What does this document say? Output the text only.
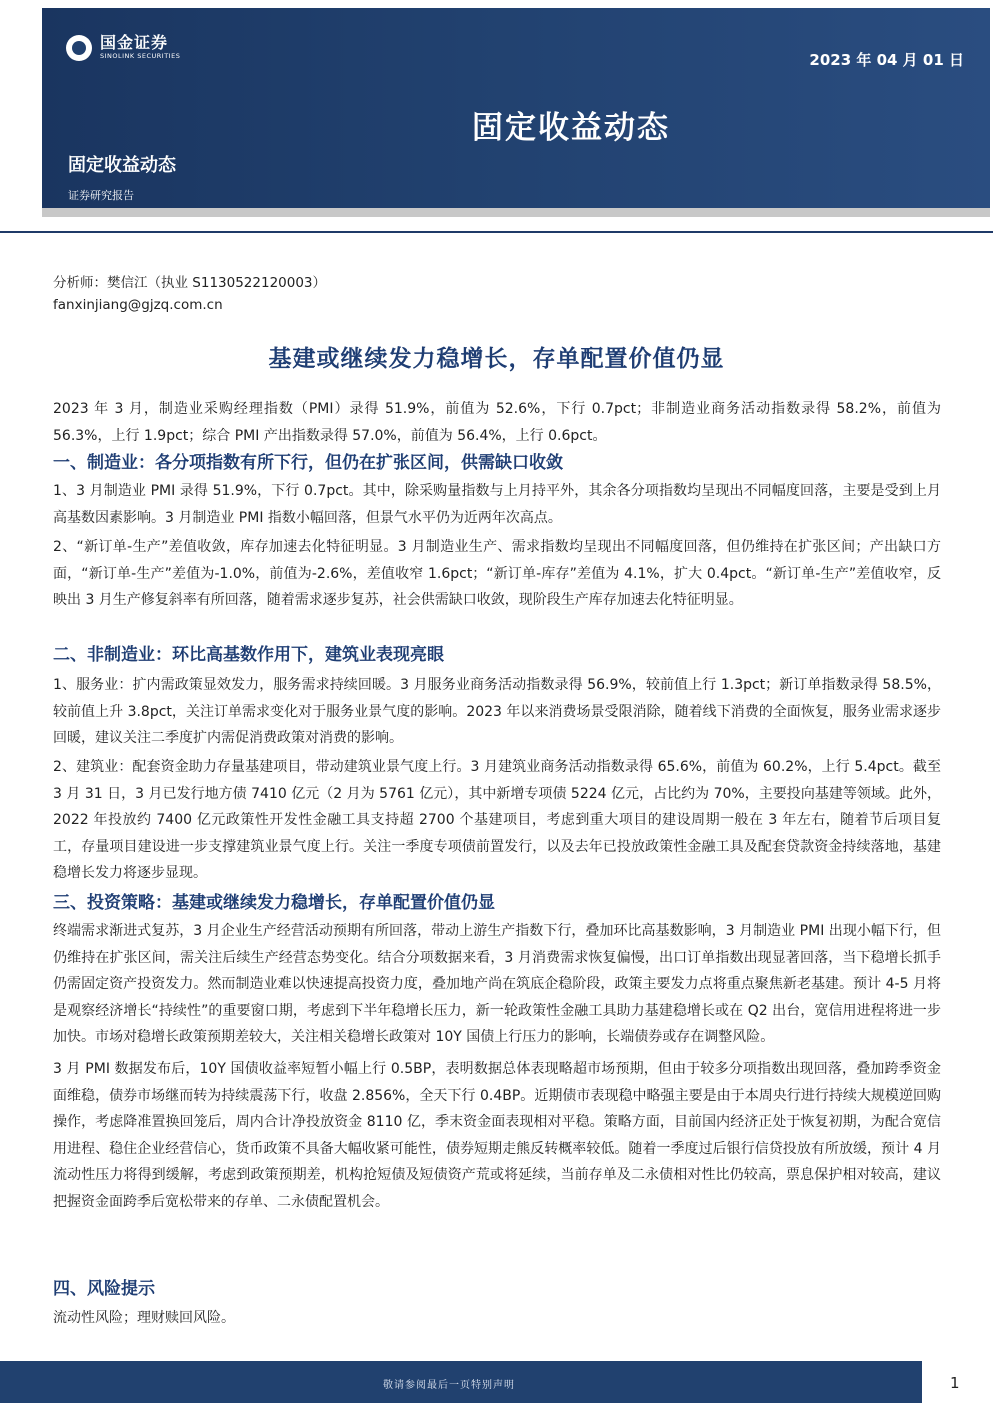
国金证券
SINOLINK SECURITIES	2023 年 04 月 01 日
固定收益动态
固定收益动态
证券研究报告
分析师：樊信江（执业 S1130522120003）
fanxinjiang@gjzq.com.cn
基建或继续发力稳增长，存单配置价值仍显

2023 年 3 月，制造业采购经理指数（PMI）录得 51.9%，前值为 52.6%，下行 0.7pct；非制造业商务活动指数录得 58.2%，前值为 56.3%，上行 1.9pct；综合 PMI 产出指数录得 57.0%，前值为 56.4%，上行 0.6pct。

一、制造业：各分项指数有所下行，但仍在扩张区间，供需缺口收敛

1、3 月制造业 PMI 录得 51.9%，下行 0.7pct。其中，除采购量指数与上月持平外，其余各分项指数均呈现出不同幅度回落，主要是受到上月高基数因素影响。3 月制造业 PMI 指数小幅回落，但景气水平仍为近两年次高点。

2、“新订单-生产”差值收敛，库存加速去化特征明显。3 月制造业生产、需求指数均呈现出不同幅度回落，但仍维持在扩张区间；产出缺口方面，“新订单-生产”差值为-1.0%，前值为-2.6%，差值收窄 1.6pct；“新订单-库存”差值为 4.1%，扩大 0.4pct。“新订单-生产”差值收窄，反映出 3 月生产修复斜率有所回落，随着需求逐步复苏，社会供需缺口收敛，现阶段生产库存加速去化特征明显。

二、非制造业：环比高基数作用下，建筑业表现亮眼

1、服务业：扩内需政策显效发力，服务需求持续回暖。3 月服务业商务活动指数录得 56.9%，较前值上行 1.3pct；新订单指数录得 58.5%，较前值上升 3.8pct，关注订单需求变化对于服务业景气度的影响。2023 年以来消费场景受限消除，随着线下消费的全面恢复，服务业需求逐步回暖，建议关注二季度扩内需促消费政策对消费的影响。

2、建筑业：配套资金助力存量基建项目，带动建筑业景气度上行。3 月建筑业商务活动指数录得 65.6%，前值为 60.2%，上行 5.4pct。截至 3 月 31 日，3 月已发行地方债 7410 亿元（2 月为 5761 亿元），其中新增专项债 5224 亿元，占比约为 70%，主要投向基建等领域。此外，2022 年投放约 7400 亿元政策性开发性金融工具支持超 2700 个基建项目，考虑到重大项目的建设周期一般在 3 年左右，随着节后项目复工，存量项目建设进一步支撑建筑业景气度上行。关注一季度专项债前置发行，以及去年已投放政策性金融工具及配套贷款资金持续落地，基建稳增长发力将逐步显现。

三、投资策略：基建或继续发力稳增长，存单配置价值仍显

终端需求渐进式复苏，3 月企业生产经营活动预期有所回落，带动上游生产指数下行，叠加环比高基数影响，3 月制造业 PMI 出现小幅下行，但仍维持在扩张区间，需关注后续生产经营态势变化。结合分项数据来看，3 月消费需求恢复偏慢，出口订单指数出现显著回落，当下稳增长抓手仍需固定资产投资发力。然而制造业难以快速提高投资力度，叠加地产尚在筑底企稳阶段，政策主要发力点将重点聚焦新老基建。预计 4-5 月将是观察经济增长“持续性”的重要窗口期，考虑到下半年稳增长压力，新一轮政策性金融工具助力基建稳增长或在 Q2 出台，宽信用进程将进一步加快。市场对稳增长政策预期差较大，关注相关稳增长政策对 10Y 国债上行压力的影响，长端债券或存在调整风险。

3 月 PMI 数据发布后，10Y 国债收益率短暂小幅上行 0.5BP，表明数据总体表现略超市场预期，但由于较多分项指数出现回落，叠加跨季资金面维稳，债券市场继而转为持续震荡下行，收盘 2.856%，全天下行 0.4BP。近期债市表现稳中略强主要是由于本周央行进行持续大规模逆回购操作，考虑降准置换回笼后，周内合计净投放资金 8110 亿，季末资金面表现相对平稳。策略方面，目前国内经济正处于恢复初期，为配合宽信用进程、稳住企业经营信心，货币政策不具备大幅收紧可能性，债券短期走熊反转概率较低。随着一季度过后银行信贷投放有所放缓，预计 4 月流动性压力将得到缓解，考虑到政策预期差，机构抢短债及短债资产荒或将延续，当前存单及二永债相对性比仍较高，票息保护相对较高，建议把握资金面跨季后宽松带来的存单、二永债配置机会。

四、风险提示

流动性风险；理财赎回风险。

敬请参阅最后一页特别声明	1
